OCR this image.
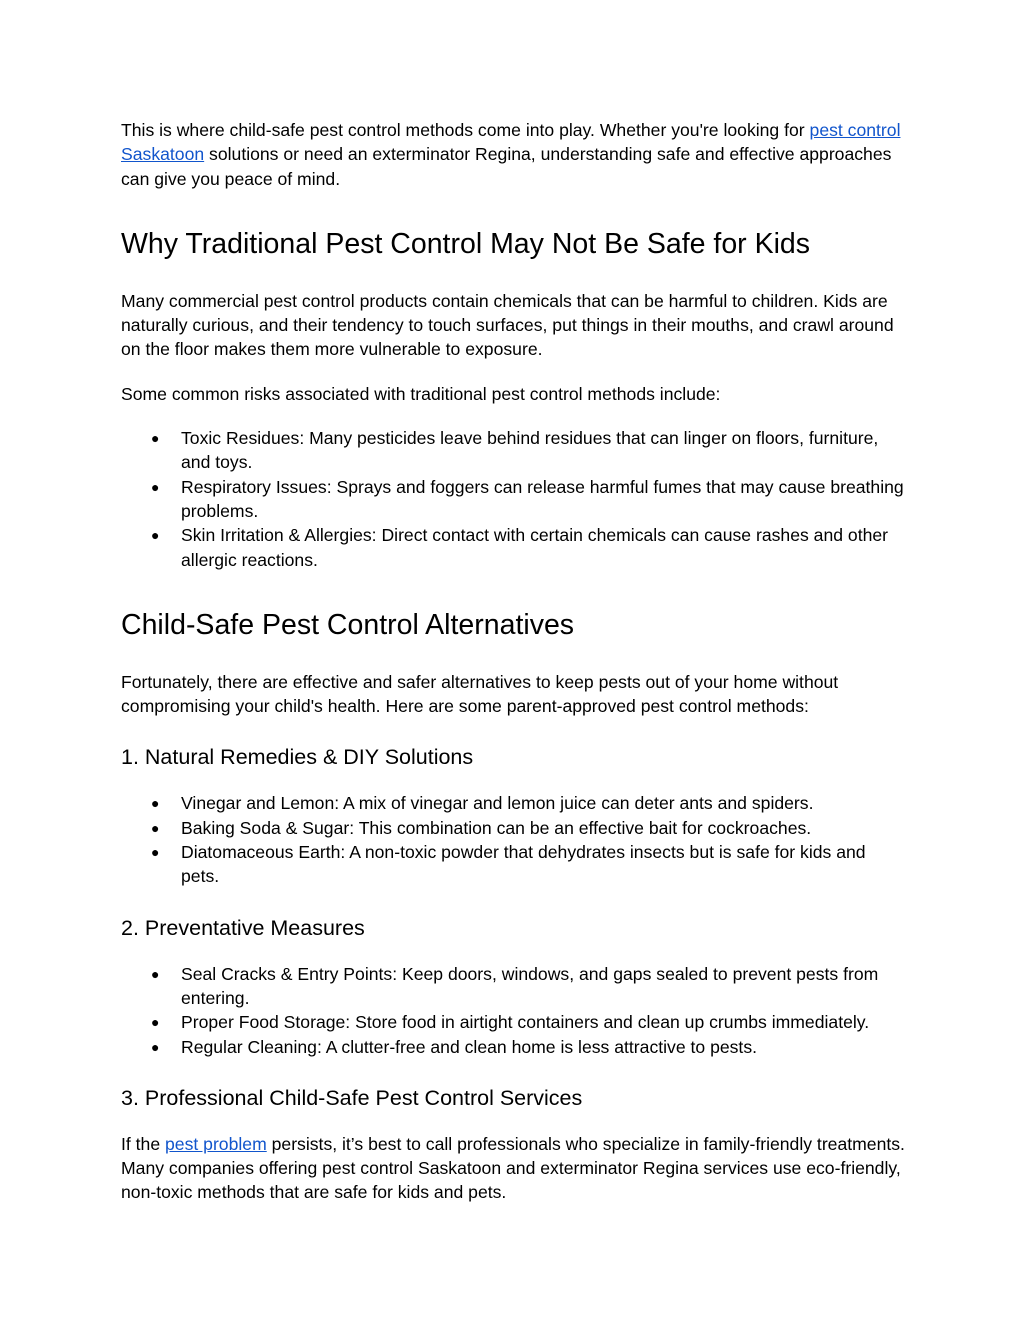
This is where child-safe pest control methods come into play. Whether you're looking for pest control Saskatoon solutions or need an exterminator Regina, understanding safe and effective approaches can give you peace of mind.

Why Traditional Pest Control May Not Be Safe for Kids

Many commercial pest control products contain chemicals that can be harmful to children. Kids are naturally curious, and their tendency to touch surfaces, put things in their mouths, and crawl around on the floor makes them more vulnerable to exposure.

Some common risks associated with traditional pest control methods include:

● Toxic Residues: Many pesticides leave behind residues that can linger on floors, furniture, and toys.
● Respiratory Issues: Sprays and foggers can release harmful fumes that may cause breathing problems.
● Skin Irritation & Allergies: Direct contact with certain chemicals can cause rashes and other allergic reactions.
Child-Safe Pest Control Alternatives

Fortunately, there are effective and safer alternatives to keep pests out of your home without compromising your child's health. Here are some parent-approved pest control methods:

1. Natural Remedies & DIY Solutions
● Vinegar and Lemon: A mix of vinegar and lemon juice can deter ants and spiders.
● Baking Soda & Sugar: This combination can be an effective bait for cockroaches.
● Diatomaceous Earth: A non-toxic powder that dehydrates insects but is safe for kids and pets.
2. Preventative Measures
● Seal Cracks & Entry Points: Keep doors, windows, and gaps sealed to prevent pests from entering.
● Proper Food Storage: Store food in airtight containers and clean up crumbs immediately.
● Regular Cleaning: A clutter-free and clean home is less attractive to pests.
3. Professional Child-Safe Pest Control Services

If the pest problem persists, it’s best to call professionals who specialize in family-friendly treatments. Many companies offering pest control Saskatoon and exterminator Regina services use eco-friendly, non-toxic methods that are safe for kids and pets.
